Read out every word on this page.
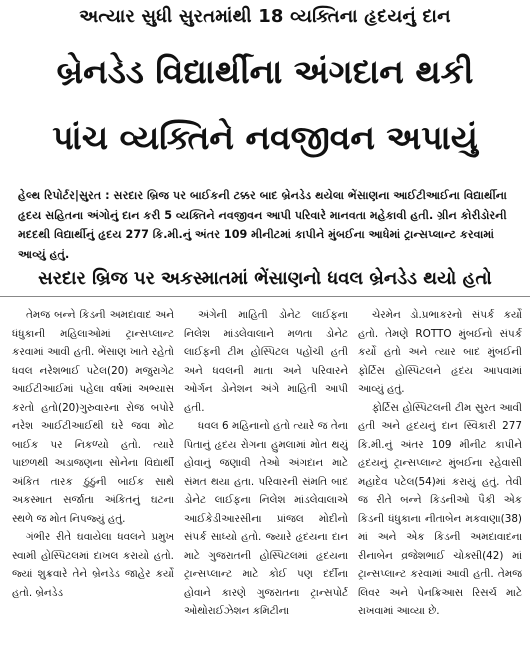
અત્યાર સુધી સુરતમાંથી 18 વ્યક્તિના હૃદયનું દાન
બ્રેનડેડ વિદ્યાર્થીના અંગદાન થકી
પાંચ વ્યક્તિને નવજીવન અપાયું

હેલ્થ રિપોર્ટર|સુરત : સરદાર બ્રિજ પર બાઈકની ટક્કર બાદ બ્રેનડેડ થયેલા ભેંસાણના આઈટીઆઈના વિદ્યાર્થીના હૃદય સહિતના અંગોનું દાન કરી 5 વ્યક્તિને નવજીવન આપી પરિવારે માનવતા મહેકાવી હતી. ગ્રીન કોરીડોરની મદદથી વિદ્યાર્થીનું હૃદય 277 કિ.મી.નું અંતર 109 મીનીટમાં કાપીને મુંબઈના આધેમાં ટ્રાન્સપ્લાન્ટ કરવામાં આવ્યું હતું.

સરદાર બ્રિજ પર અકસ્માતમાં ભેંસાણનો ધવલ બ્રેનડેડ થયો હતો

તેમજ બન્ને કિડની અમદાવાદ અને ધંધુકાની મહિલાઓમાં ટ્રાન્સપ્લાન્ટ કરવામાં આવી હતી. ભેંસાણ ખાતે રહેતો ધવલ નરેશભાઈ પટેલ(20) મજુરાગેટ આઈટીઆઈમાં પહેલા વર્ષમાં અભ્યાસ કરતો હતો(20)ગુરુવારના રોજ બપોરે નરેશ આઈટીઆઈથી ઘરે જવા મોટ બાઈક પર નિકળ્યો હતો. ત્યારે પાછળથી અડાજણના સોનેના વિદ્યાર્થી અંકિત તારક ઠુંઠુંની બાઈક સાથે અકસ્માત સર્જાતા અંકિતનું ઘટના સ્થળે જ મોત નિપજ્યું હતું.

ગંભીર રીતે ઘવાયેલા ધવલને પ્રમુખ સ્વામી હોસ્પિટલમાં દાખલ કરાયો હતો. જ્યાં શુક્રવારે તેને બ્રેનડેડ જાહેર કર્યો હતો. બ્રેનડેડ

અંગેની માહિતી ડોનેટ લાઈફના નિલેશ માંડલેવાલાને મળતા ડોનેટ લાઈફની ટીમ હોસ્પિટલ પહોંચી હતી અને ધવલની માતા અને પરિવારને ઓર્ગન ડોનેશન અંગે માહિતી આપી હતી.

ધવલ 6 મહિનાનો હતો ત્યારે જ તેના પિતાનું હૃદય રોગના હુમલામાં મોત થયું હોવાનું જણાવી તેઓ અંગદાન માટે સંમત થયા હતા. પરિવારની સંમતિ બાદ ડોનેટ લાઈફના નિલેશ માંડલેવાલાએ આઈકેડીઆરસીના પ્રાંજલ મોદીનો સંપર્ક સાધ્યો હતો. જ્યારે હૃદયના દાન માટે ગુજરાતની હોસ્પિટલમાં હૃદયના ટ્રાન્સપ્લાન્ટ માટે કોઈ પણ દર્દીના હોવાને કારણે ગુજરાતના ટ્રાન્સપોર્ટ ઓથોરાઈઝેશન કમિટીના

ચેરમેન ડો.પ્રભાકરનો સંપર્ક કર્યો હતો. તેમણે ROTTO મુંબઈનો સંપર્ક કર્યો હતો અને ત્યાર બાદ મુંબઈની ફોર્ટિસ હોસ્પિટલને હૃદય આપવામાં આવ્યું હતું.

ફોર્ટિસ હોસ્પિટલની ટીમ સુરત આવી હતી અને હૃદયનું દાન સ્વિકારી 277 કિ.મી.નું અંતર 109 મીનીટ કાપીને હૃદયનું ટ્રાન્સપ્લાન્ટ મુંબઈના રહેવાસી મહાદેવ પટેલ(54)માં કરાયું હતું. તેવી જ રીતે બન્ને કિડનીઓ પૈકી એક કિડની ધંધુકાના નીતાબેન મકવાણા(38) માં અને એક કિડની અમદાવાદના રીનાબેન વ્રજેશભાઈ ચોક્સી(42) માં ટ્રાન્સપ્લાન્ટ કરવામાં આવી હતી. તેમજ લિવર અને પેનક્રિઆસ રિસર્ચ માટે રાખવામાં આવ્યા છે.
